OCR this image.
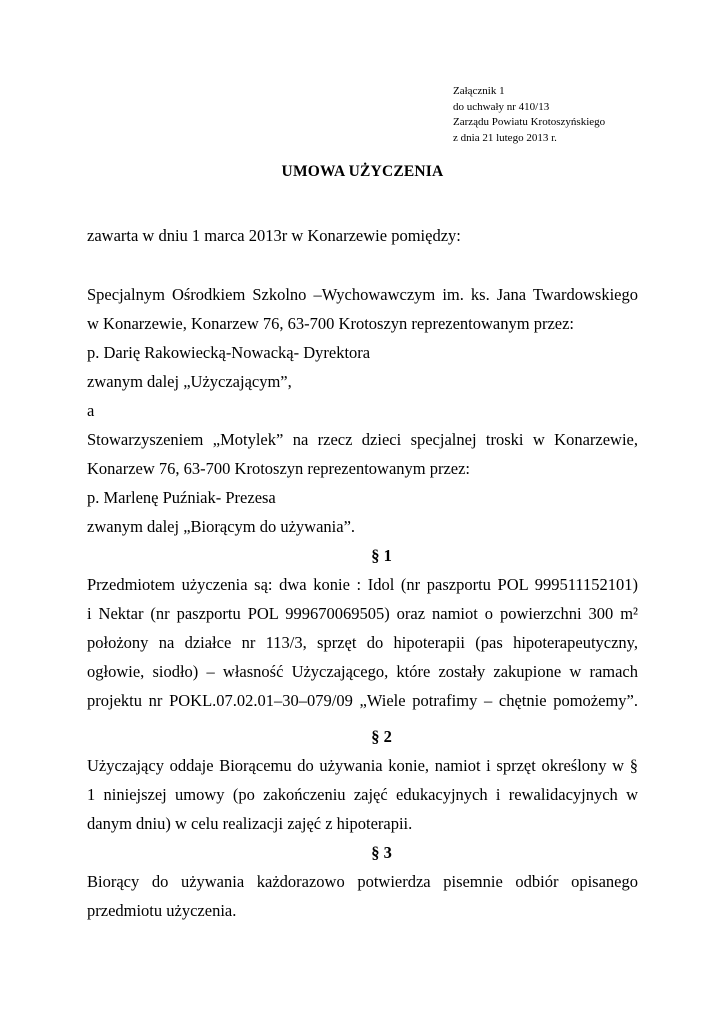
Załącznik 1
do uchwały nr 410/13
Zarządu Powiatu Krotoszyńskiego
z dnia 21 lutego 2013 r.
UMOWA UŻYCZENIA
zawarta w dniu 1 marca 2013r w Konarzewie pomiędzy:
Specjalnym Ośrodkiem Szkolno –Wychowawczym im. ks. Jana Twardowskiego
w Konarzewie, Konarzew 76, 63-700 Krotoszyn reprezentowanym przez:
p. Darię Rakowiecką-Nowacką- Dyrektora
zwanym dalej „Użyczającym”,
a
Stowarzyszeniem „Motylek” na rzecz dzieci specjalnej troski w Konarzewie,
Konarzew 76, 63-700 Krotoszyn reprezentowanym przez:
p. Marlenę Puźniak- Prezesa
zwanym dalej „Biorącym do używania”.
§ 1
Przedmiotem użyczenia są: dwa konie : Idol (nr paszportu POL 999511152101)
i Nektar (nr paszportu POL 999670069505) oraz namiot o powierzchni 300 m²
położony na działce nr 113/3, sprzęt do hipoterapii (pas hipoterapeutyczny,
ogłowie, siodło) – własność Użyczającego, które zostały zakupione w ramach
projektu nr POKL.07.02.01–30–079/09 „Wiele potrafimy – chętnie pomożemy”.
§ 2
Użyczający oddaje Biorącemu do używania konie, namiot i sprzęt określony w §
1 niniejszej umowy (po zakończeniu zajęć edukacyjnych i rewalidacyjnych w
danym dniu) w celu realizacji zajęć z hipoterapii.
§ 3
Biorący do używania każdorazowo potwierdza pisemnie odbiór opisanego
przedmiotu użyczenia.
